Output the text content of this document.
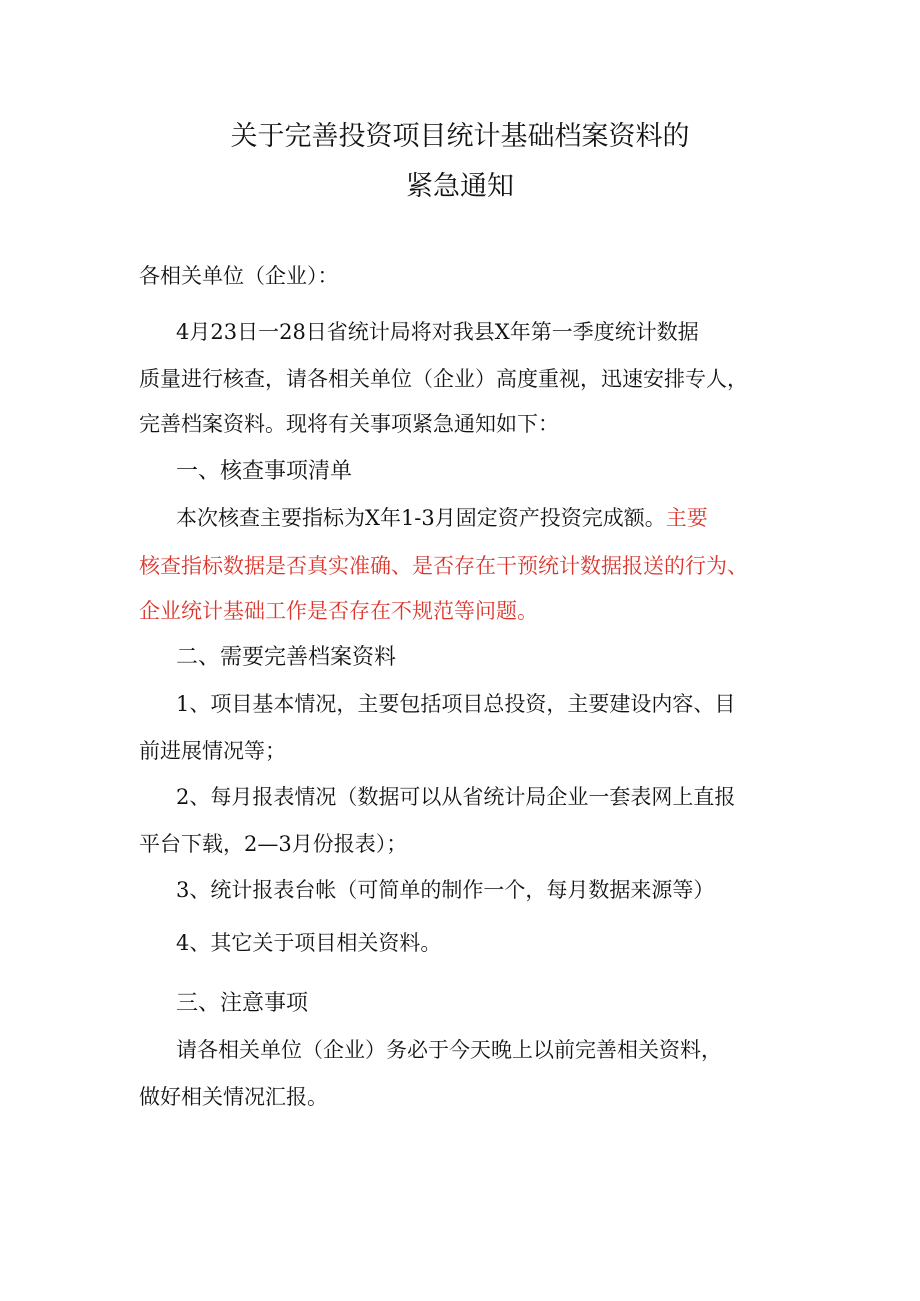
关于完善投资项目统计基础档案资料的
紧急通知
各相关单位（企业）：
4月23日一28日省统计局将对我县X年第一季度统计数据
质量进行核查，请各相关单位（企业）高度重视，迅速安排专人，
完善档案资料。现将有关事项紧急通知如下：
一、核查事项清单
本次核查主要指标为X年1-3月固定资产投资完成额。主要
核查指标数据是否真实准确、是否存在干预统计数据报送的行为、
企业统计基础工作是否存在不规范等问题。
二、需要完善档案资料
1、项目基本情况，主要包括项目总投资，主要建设内容、目
前进展情况等；
2、每月报表情况（数据可以从省统计局企业一套表网上直报
平台下载，2—3月份报表）；
3、统计报表台帐（可简单的制作一个，每月数据来源等）
4、其它关于项目相关资料。
三、注意事项
请各相关单位（企业）务必于今天晚上以前完善相关资料，
做好相关情况汇报。
